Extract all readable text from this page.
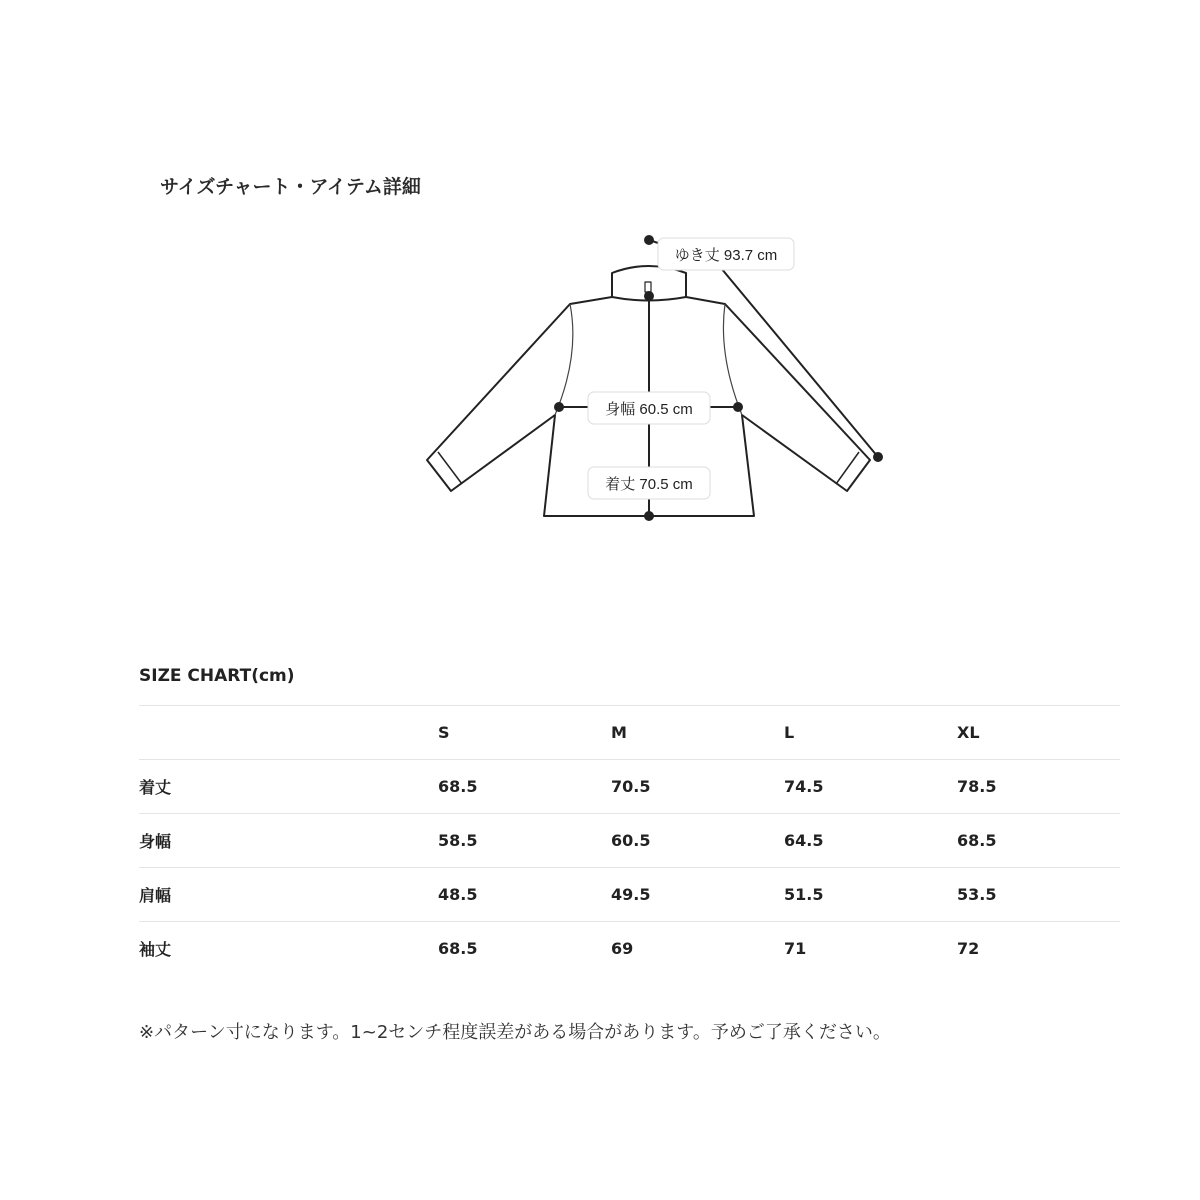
サイズチャート・アイテム詳細
ゆき丈 93.7 cm
身幅 60.5 cm
着丈 70.5 cm
SIZE CHART(cm)
	S	M	L	XL
着丈	68.5	70.5	74.5	78.5
身幅	58.5	60.5	64.5	68.5
肩幅	48.5	49.5	51.5	53.5
袖丈	68.5	69	71	72

※パターン寸になります。1~2センチ程度誤差がある場合があります。予めご了承ください。
